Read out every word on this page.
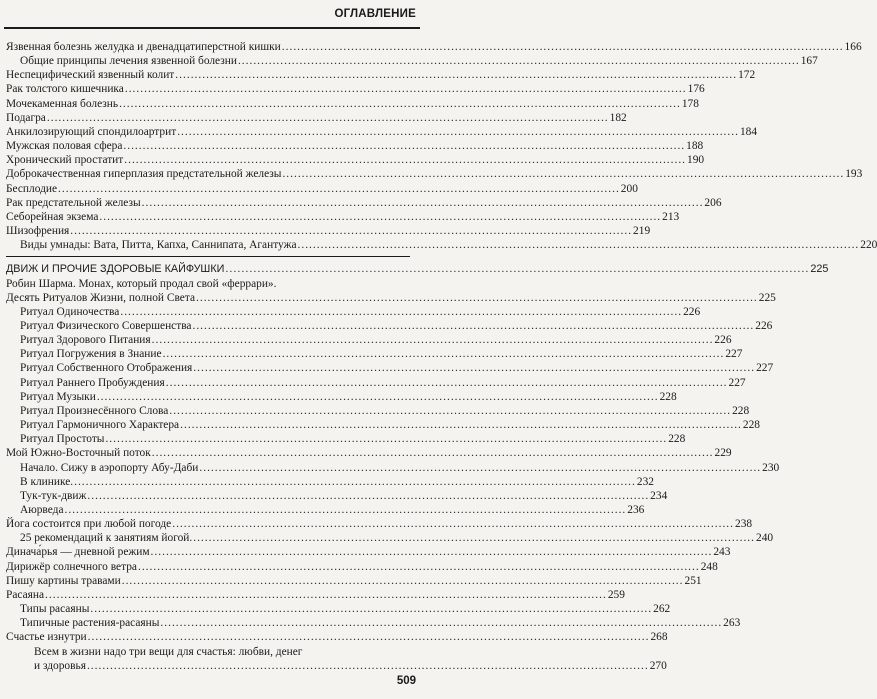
ОГЛАВЛЕНИЕ
Язвенная болезнь желудка и двенадцатиперстной кишки .....	166
Общие принципы лечения язвенной болезни .....	167
Неспецифический язвенный колит .....	172
Рак толстого кишечника .....	176
Мочекаменная болезнь .....	178
Подагра .....	182
Анкилозирующий спондилоартрит .....	184
Мужская половая сфера .....	188
Хронический простатит .....	190
Доброкачественная гиперплазия предстательной железы .....	193
Бесплодие .....	200
Рак предстательной железы .....	206
Себорейная экзема .....	213
Шизофрения .....	219
Виды умнады: Вата, Питта, Капха, Саннипата, Агантужа .....	220
ДВИЖ И ПРОЧИЕ ЗДОРОВЫЕ КАЙФУШКИ .....	225
Робин Шарма. Монах, который продал свой «феррари».
Десять Ритуалов Жизни, полной Света .....	225
Ритуал Одиночества .....	226
Ритуал Физического Совершенства .....	226
Ритуал Здорового Питания .....	226
Ритуал Погружения в Знание .....	227
Ритуал Собственного Отображения .....	227
Ритуал Раннего Пробуждения .....	227
Ритуал Музыки .....	228
Ритуал Произнесённого Слова .....	228
Ритуал Гармоничного Характера .....	228
Ритуал Простоты .....	228
Мой Южно-Восточный поток .....	229
Начало. Сижу в аэропорту Абу-Даби .....	230
В клинике. .....	232
Тук-тук-движ .....	234
Аюрведа .....	236
Йога состоится при любой погоде .....	238
25 рекомендаций к занятиям йогой. .....	240
Динача́рья — дневной режим .....	243
Дирижёр солнечного ветра .....	248
Пишу картины травами .....	251
Расаяна .....	259
Типы расаяны .....	262
Типичные растения-расаяны .....	263
Счастье изнутри .....	268
Всем в жизни надо три вещи для счастья: любви, денег
и здоровья .....	270
509
